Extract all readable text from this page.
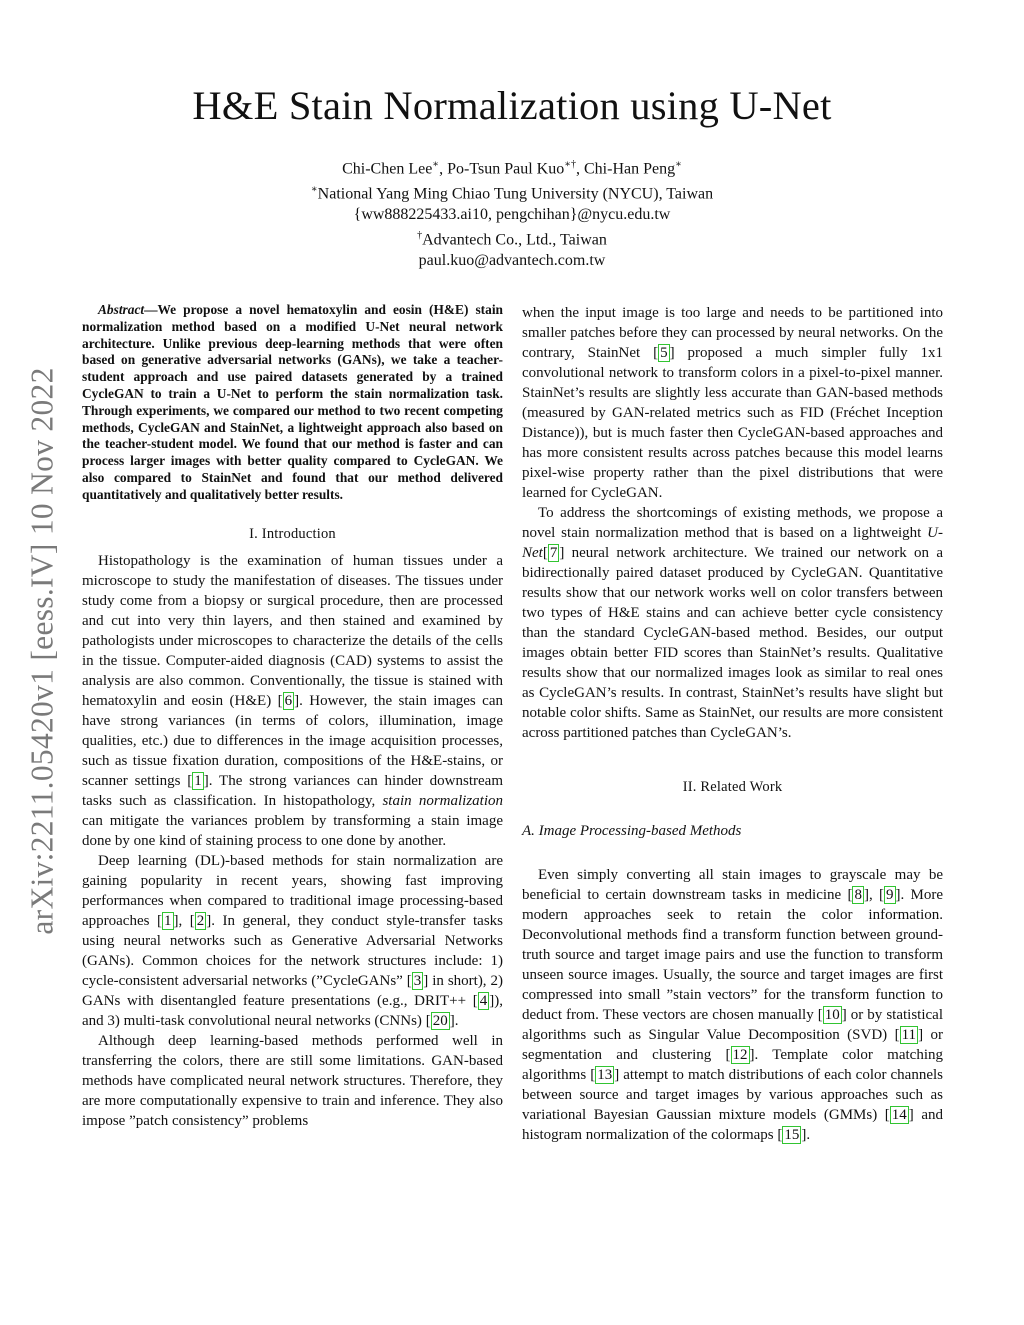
arXiv:2211.05420v1 [eess.IV] 10 Nov 2022
H&E Stain Normalization using U-Net
Chi-Chen Lee∗, Po-Tsun Paul Kuo∗†, Chi-Han Peng∗
∗National Yang Ming Chiao Tung University (NYCU), Taiwan
{ww888225433.ai10, pengchihan}@nycu.edu.tw
†Advantech Co., Ltd., Taiwan
paul.kuo@advantech.com.tw

Abstract—We propose a novel hematoxylin and eosin (H&E) stain normalization method based on a modified U-Net neural network architecture. Unlike previous deep-learning methods that were often based on generative adversarial networks (GANs), we take a teacher-student approach and use paired datasets generated by a trained CycleGAN to train a U-Net to perform the stain normalization task. Through experiments, we compared our method to two recent competing methods, CycleGAN and StainNet, a lightweight approach also based on the teacher-student model. We found that our method is faster and can process larger images with better quality compared to CycleGAN. We also compared to StainNet and found that our method delivered quantitatively and qualitatively better results.

I. Introduction

Histopathology is the examination of human tissues under a microscope to study the manifestation of diseases. The tissues under study come from a biopsy or surgical procedure, then are processed and cut into very thin layers, and then stained and examined by pathologists under microscopes to characterize the details of the cells in the tissue. Computer-aided diagnosis (CAD) systems to assist the analysis are also common. Conventionally, the tissue is stained with hematoxylin and eosin (H&E) [ 6 ]. However, the stain images can have strong variances (in terms of colors, illumination, image qualities, etc.) due to differences in the image acquisition processes, such as tissue fixation duration, compositions of the H&E-stains, or scanner settings [ 1 ]. The strong variances can hinder downstream tasks such as classification. In histopathology, stain normalization can mitigate the variances problem by transforming a stain image done by one kind of staining process to one done by another.

Deep learning (DL)-based methods for stain normalization are gaining popularity in recent years, showing fast improving performances when compared to traditional image processing-based approaches [ 1 ], [ 2 ]. In general, they conduct style-transfer tasks using neural networks such as Generative Adversarial Networks (GANs). Common choices for the network structures include: 1) cycle-consistent adversarial networks (”CycleGANs” [ 3 ] in short), 2) GANs with disentangled feature presentations (e.g., DRIT++ [ 4 ]), and 3) multi-task convolutional neural networks (CNNs) [ 20 ].

Although deep learning-based methods performed well in transferring the colors, there are still some limitations. GAN-based methods have complicated neural network structures. Therefore, they are more computationally expensive to train and inference. They also impose ”patch consistency” problems

when the input image is too large and needs to be partitioned into smaller patches before they can processed by neural networks. On the contrary, StainNet [ 5 ] proposed a much simpler fully 1x1 convolutional network to transform colors in a pixel-to-pixel manner. StainNet’s results are slightly less accurate than GAN-based methods (measured by GAN-related metrics such as FID (Fréchet Inception Distance)), but is much faster then CycleGAN-based approaches and has more consistent results across patches because this model learns pixel-wise property rather than the pixel distributions that were learned for CycleGAN.

To address the shortcomings of existing methods, we propose a novel stain normalization method that is based on a lightweight U-Net[ 7 ] neural network architecture. We trained our network on a bidirectionally paired dataset produced by CycleGAN. Quantitative results show that our network works well on color transfers between two types of H&E stains and can achieve better cycle consistency than the standard CycleGAN-based method. Besides, our output images obtain better FID scores than StainNet’s results. Qualitative results show that our normalized images look as similar to real ones as CycleGAN’s results. In contrast, StainNet’s results have slight but notable color shifts. Same as StainNet, our results are more consistent across partitioned patches than CycleGAN’s.

II. Related Work
A. Image Processing-based Methods

Even simply converting all stain images to grayscale may be beneficial to certain downstream tasks in medicine [ 8 ], [ 9 ]. More modern approaches seek to retain the color information. Deconvolutional methods find a transform function between ground-truth source and target image pairs and use the function to transform unseen source images. Usually, the source and target images are first compressed into small ”stain vectors” for the transform function to deduct from. These vectors are chosen manually [ 10 ] or by statistical algorithms such as Singular Value Decomposition (SVD) [ 11 ] or segmentation and clustering [ 12 ]. Template color matching algorithms [ 13 ] attempt to match distributions of each color channels between source and target images by various approaches such as variational Bayesian Gaussian mixture models (GMMs) [ 14 ] and histogram normalization of the colormaps [ 15 ].
